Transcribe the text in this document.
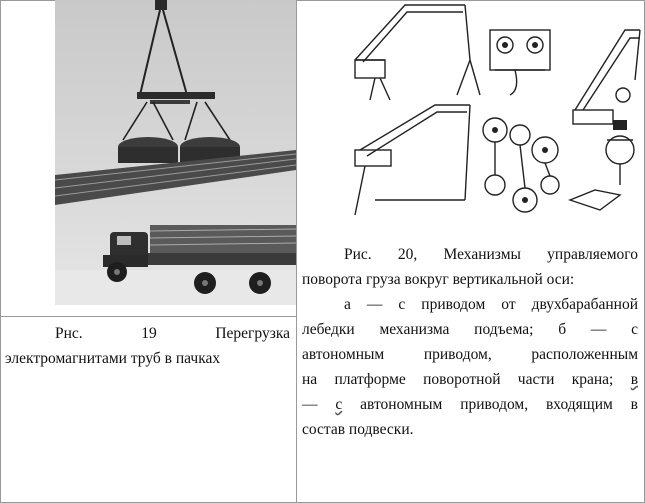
Рнс. 19 Перегрузка

электромагнитами труб в пачках

Рис. 20, Механизмы управляемого
поворота груза вокруг вертикальной оси:
а — с приводом от двухбарабанной
лебедки механизма подъема; б — с
автономным приводом, расположенным
на платформе поворотной части крана; в
— с автономным приводом, входящим в
состав подвески.
